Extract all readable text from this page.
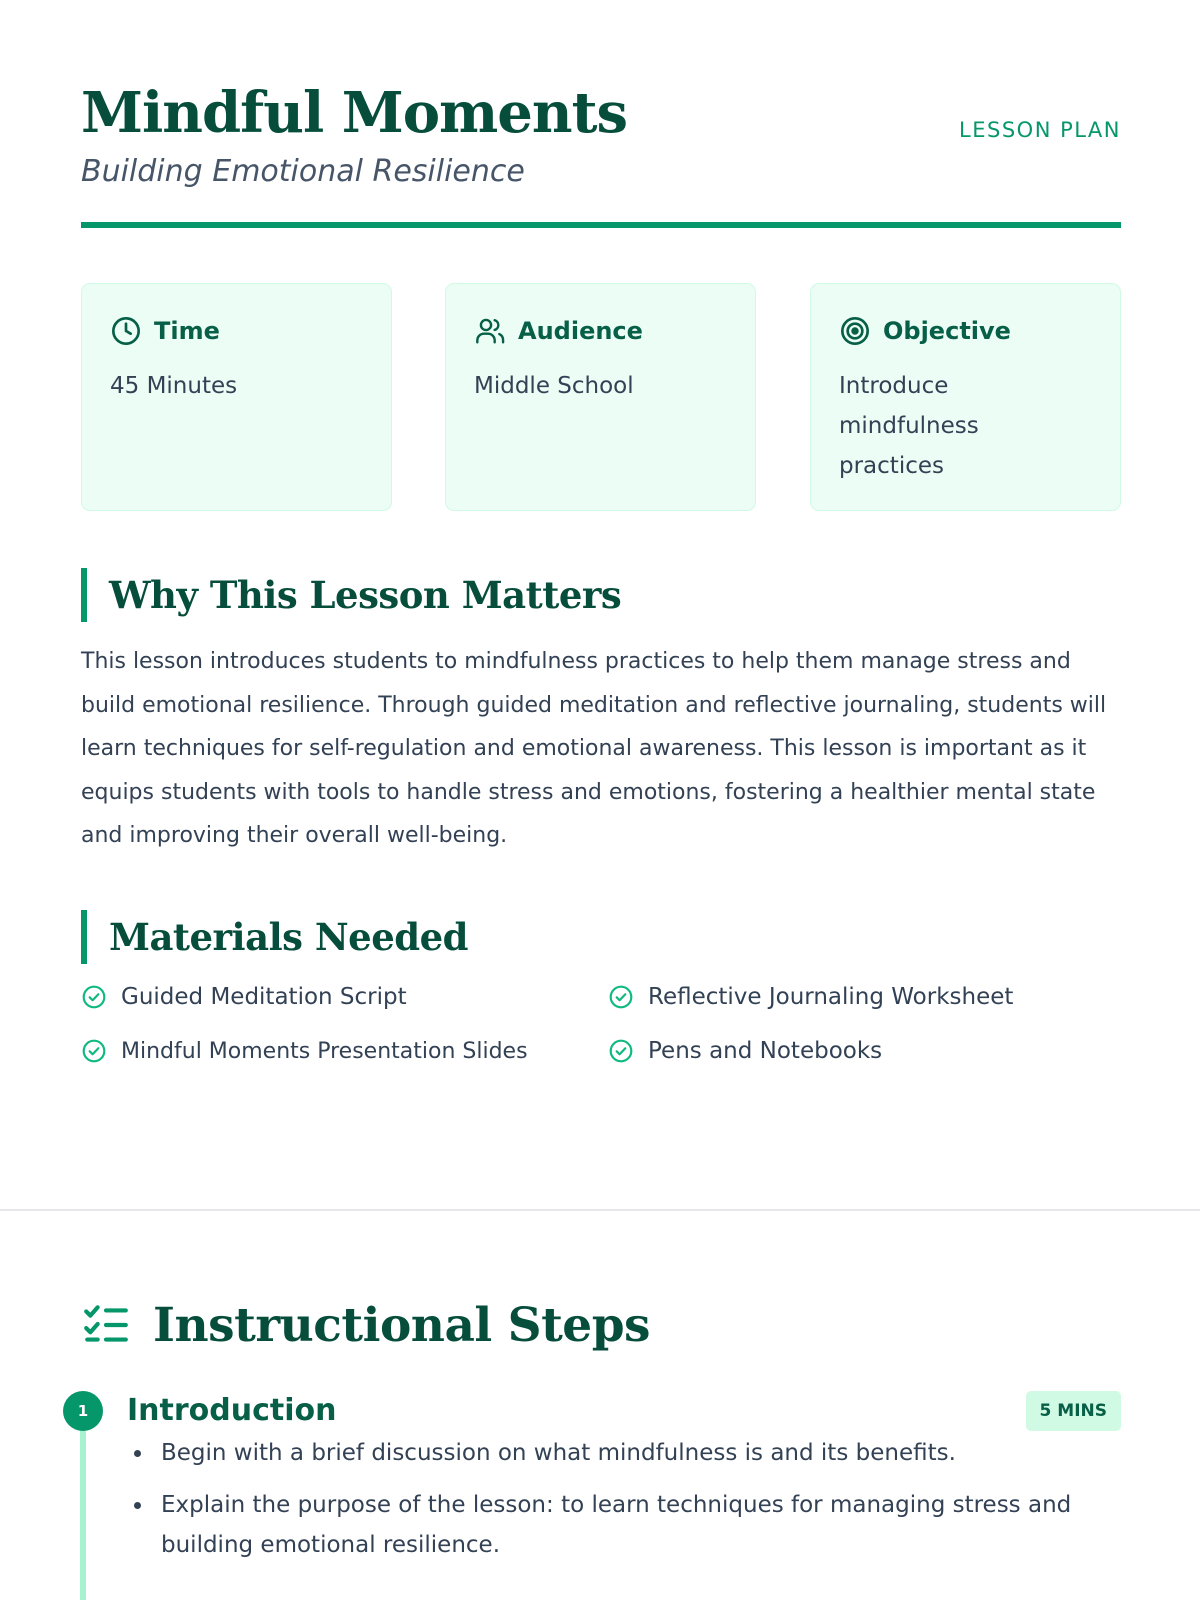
Mindful Moments
Building Emotional Resilience
LESSON PLAN
Time
45 Minutes
Audience
Middle School
Objective
Introduce mindfulness practices
Why This Lesson Matters
This lesson introduces students to mindfulness practices to help them manage stress and build emotional resilience. Through guided meditation and reflective journaling, students will learn techniques for self-regulation and emotional awareness. This lesson is important as it equips students with tools to handle stress and emotions, fostering a healthier mental state and improving their overall well-being.
Materials Needed
Guided Meditation Script	Reflective Journaling Worksheet
Mindful Moments Presentation Slides	Pens and Notebooks
Instructional Steps
1	Introduction	5 MINS
Begin with a brief discussion on what mindfulness is and its benefits.
Explain the purpose of the lesson: to learn techniques for managing stress and building emotional resilience.
